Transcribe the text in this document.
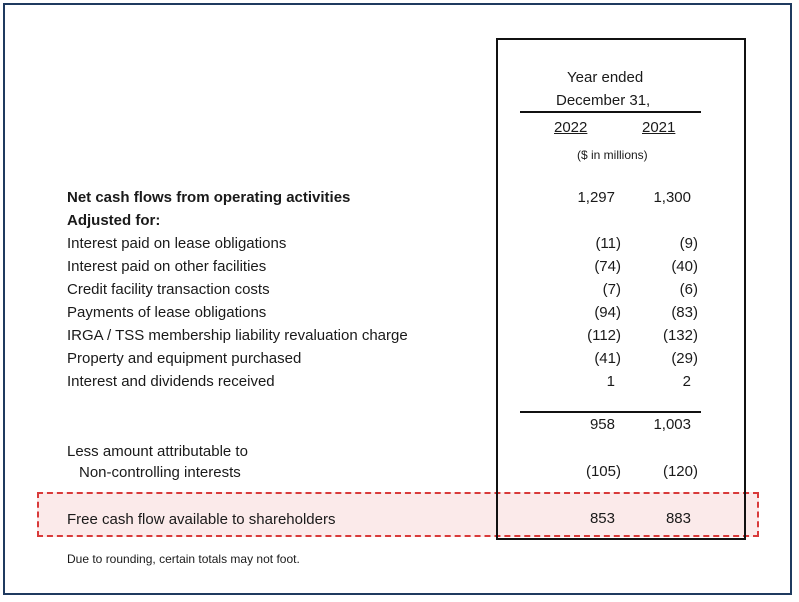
Year ended
December 31,
2022	2021
($ in millions)
Net cash flows from operating activities	1,297	1,300
Adjusted for:
Interest paid on lease obligations	(11)	(9)
Interest paid on other facilities	(74)	(40)
Credit facility transaction costs	(7)	(6)
Payments of lease obligations	(94)	(83)
IRGA / TSS membership liability revaluation charge	(112)	(132)
Property and equipment purchased	(41)	(29)
Interest and dividends received	1	2
958	1,003
Less amount attributable to
Non-controlling interests	(105)	(120)
Free cash flow available to shareholders	853	883
Due to rounding, certain totals may not foot.
